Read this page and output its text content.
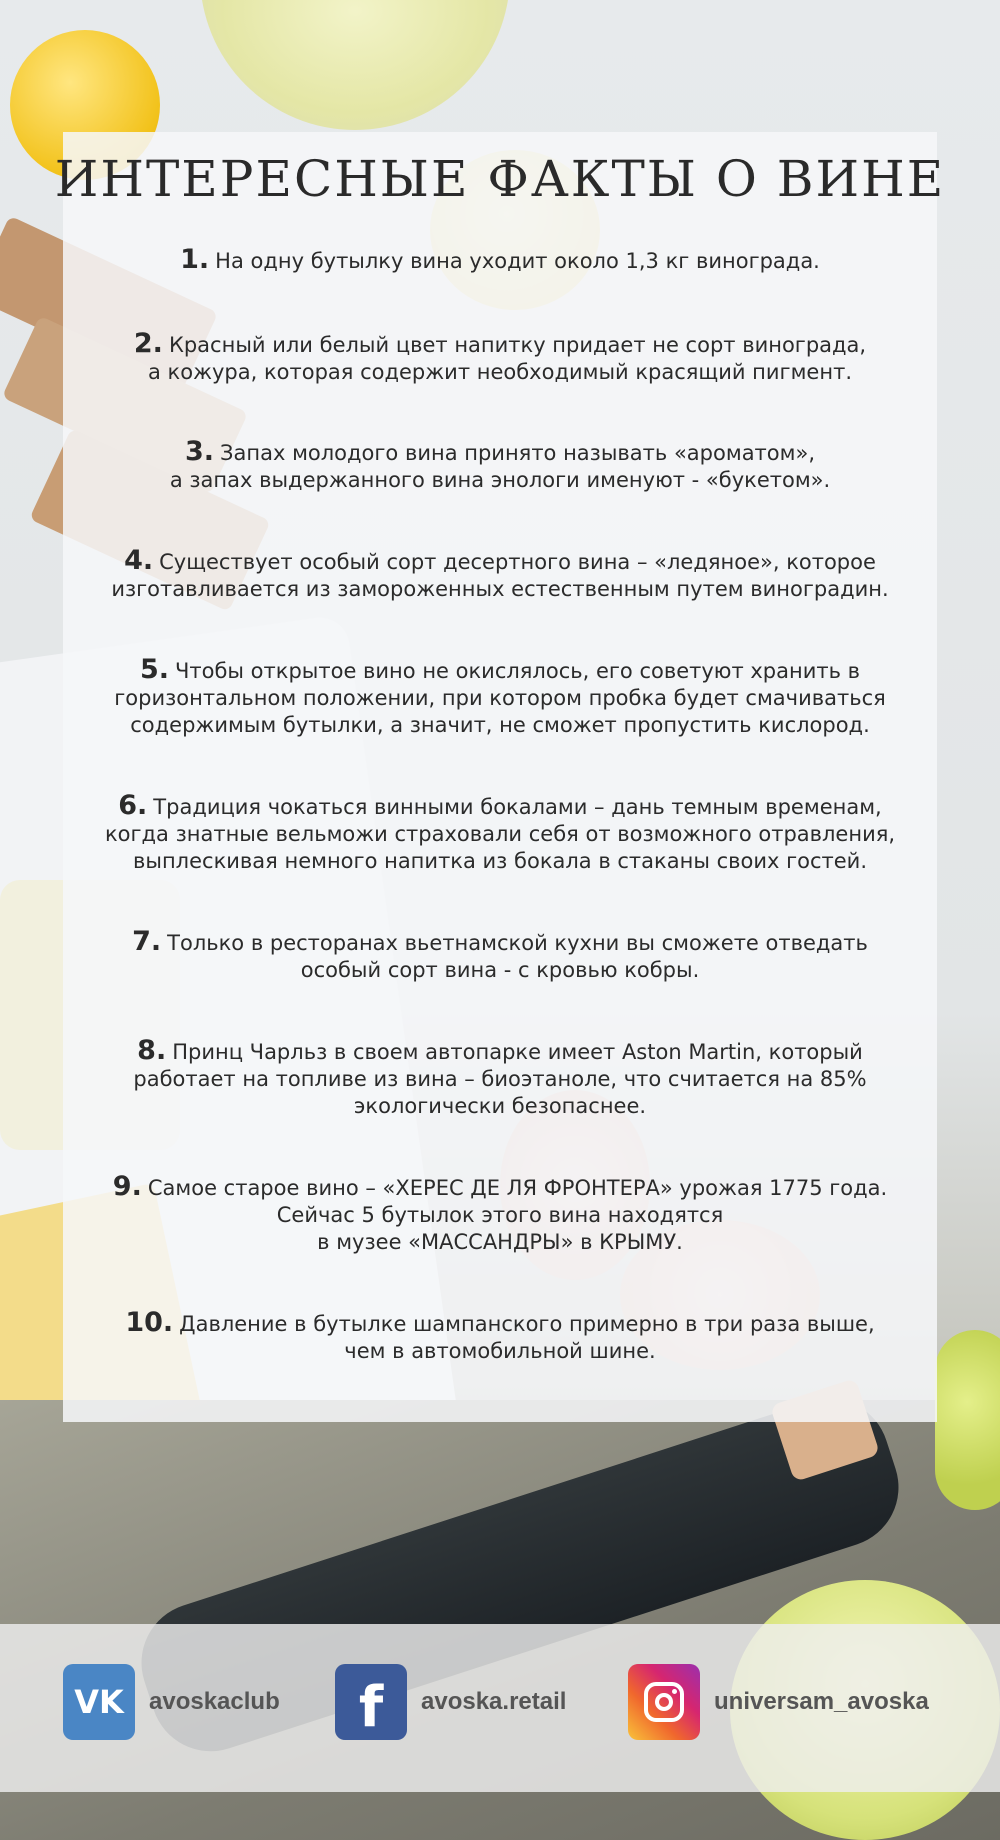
ИНТЕРЕСНЫЕ ФАКТЫ О ВИНЕ
1. На одну бутылку вина уходит около 1,3 кг винограда.
2. Красный или белый цвет напитку придает не сорт винограда,
а кожура, которая содержит необходимый красящий пигмент.
3. Запах молодого вина принято называть «ароматом»,
а запах выдержанного вина энологи именуют - «букетом».
4. Существует особый сорт десертного вина – «ледяное», которое
изготавливается из замороженных естественным путем виноградин.
5. Чтобы открытое вино не окислялось, его советуют хранить в
горизонтальном положении, при котором пробка будет смачиваться
содержимым бутылки, а значит, не сможет пропустить кислород.
6. Традиция чокаться винными бокалами – дань темным временам,
когда знатные вельможи страховали себя от возможного отравления,
выплескивая немного напитка из бокала в стаканы своих гостей.
7. Только в ресторанах вьетнамской кухни вы сможете отведать
особый сорт вина - с кровью кобры.
8. Принц Чарльз в своем автопарке имеет Aston Martin, который
работает на топливе из вина – биоэтаноле, что считается на 85%
экологически безопаснее.
9. Самое старое вино – «ХЕРЕС ДЕ ЛЯ ФРОНТЕРА» урожая 1775 года.
Сейчас 5 бутылок этого вина находятся
в музее «МАССАНДРЫ» в КРЫМУ.
10. Давление в бутылке шампанского примерно в три раза выше,
чем в автомобильной шине.
VK	avoskaclub	f	avoska.retail	universam_avoska
